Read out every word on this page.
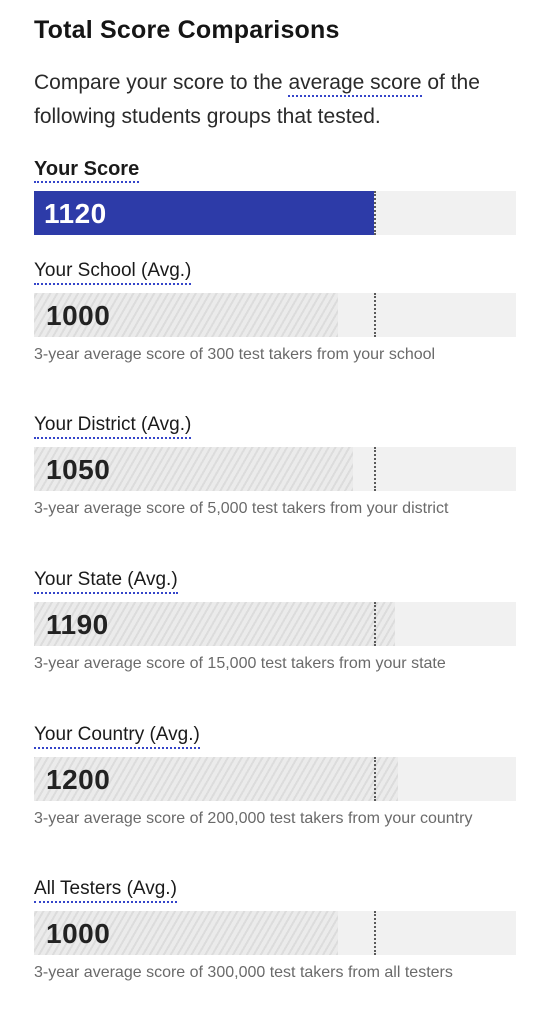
Total Score Comparisons
Compare your score to the average score of the following students groups that tested.
Your Score
1120
Your School (Avg.)
1000
3-year average score of 300 test takers from your school
Your District (Avg.)
1050
3-year average score of 5,000 test takers from your district
Your State (Avg.)
1190
3-year average score of 15,000 test takers from your state
Your Country (Avg.)
1200
3-year average score of 200,000 test takers from your country
All Testers (Avg.)
1000
3-year average score of 300,000 test takers from all testers
